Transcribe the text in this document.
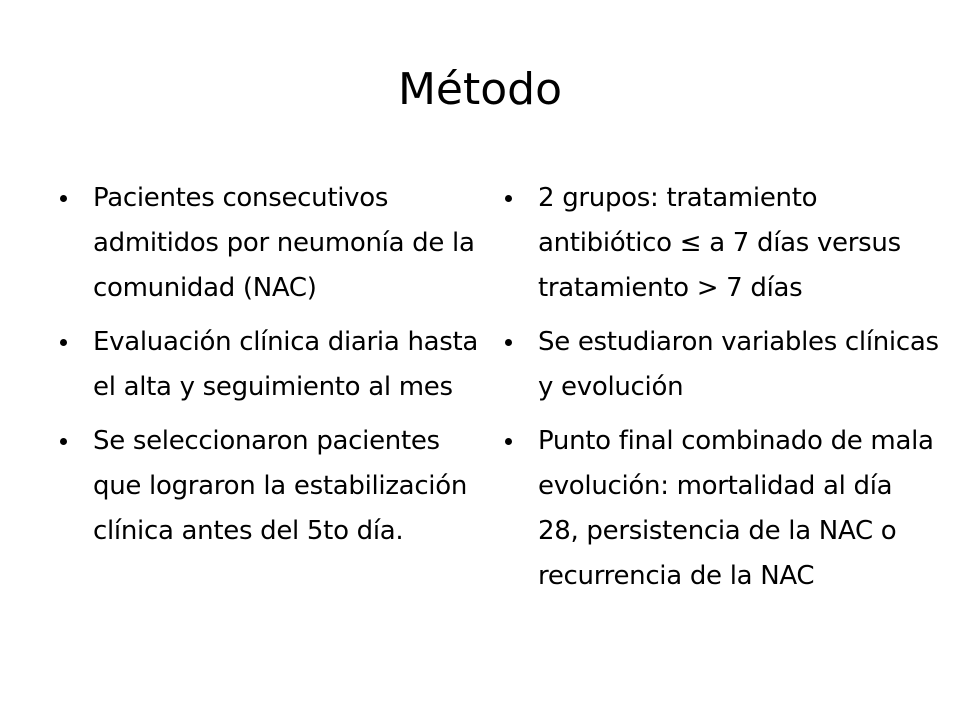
Método
Pacientes consecutivos admitidos por neumonía de la comunidad (NAC)
Evaluación clínica diaria hasta el alta y seguimiento al mes
Se seleccionaron pacientes que lograron la estabilización clínica antes del 5to día.
2 grupos: tratamiento antibiótico ≤ a 7 días versus tratamiento > 7 días
Se estudiaron variables clínicas y evolución
Punto final combinado de mala evolución: mortalidad al día 28, persistencia de la NAC o recurrencia de la NAC
